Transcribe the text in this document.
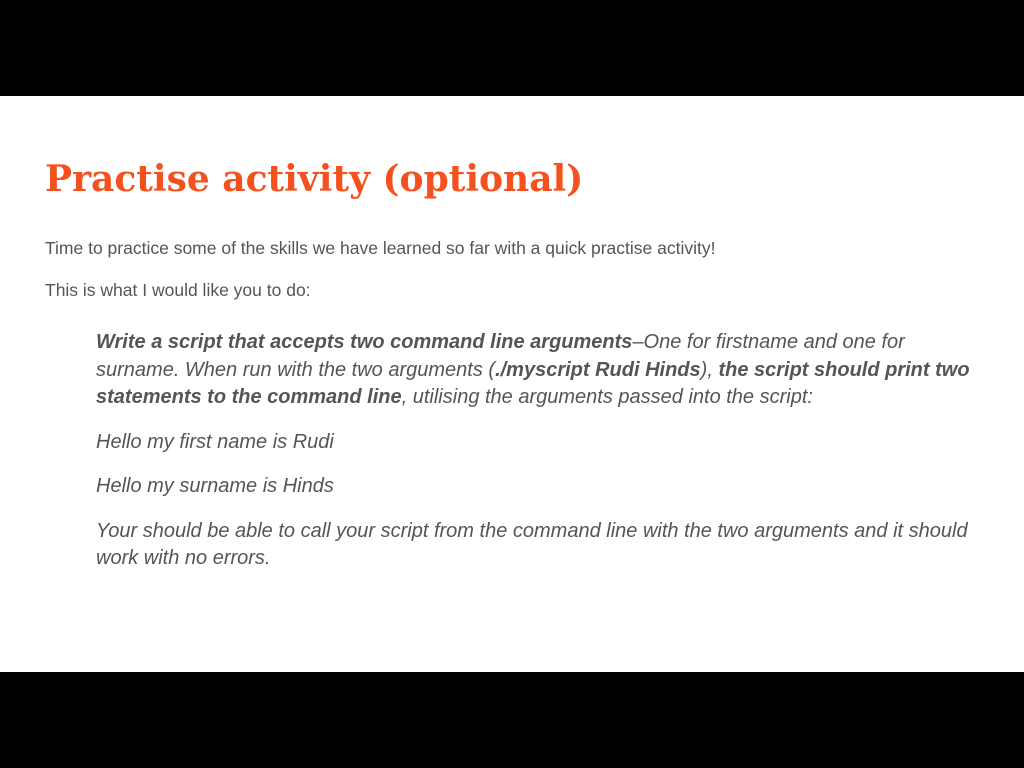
Practise activity (optional)

Time to practice some of the skills we have learned so far with a quick practise activity!

This is what I would like you to do:

Write a script that accepts two command line arguments–One for firstname and one for surname. When run with the two arguments (./myscript Rudi Hinds), the script should print two statements to the command line, utilising the arguments passed into the script:

Hello my first name is Rudi

Hello my surname is Hinds

Your should be able to call your script from the command line with the two arguments and it should work with no errors.
